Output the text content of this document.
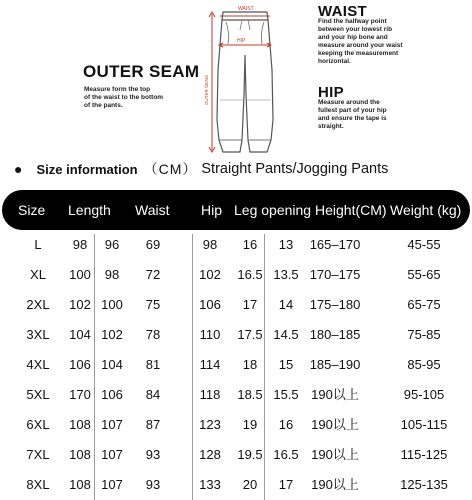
OUTER SEAM
Measure form the top
of the waist to the bottom
of the pants.
WAIST
Find the halfway point
between your lowest rib
and your hip bone and
measure around your waist
keeping the measurement
horizontal.
HIP
Measure around the
fullest part of your hip
and ensure the tape is
straight.
WAIST
HIP
OUTER SEAM
● Size information （CM） Straight Pants/Jogging Pants
Size Length Waist Hip Leg opening Height(CM) Weight (kg)
L	98	96	69	98	16	13	165–170	45-55
XL	100	98	72	102	16.5 13.5 170–175	55-65
2XL	102 100	75	106	17	14	175–180	65-75
3XL	104 102	78	110	17.5 14.5 180–185	75-85
4XL	106 104	81	114	18	15	185–190	85-95
5XL	170 106	84	118	18.5 15.5 190以上	95-105
6XL	108 107	87	123	19	16	190以上	105-115
7XL	108 107	93	128	19.5 16.5 190以上	115-125
8XL	108 107	93	133	20	17	190以上	125-135
